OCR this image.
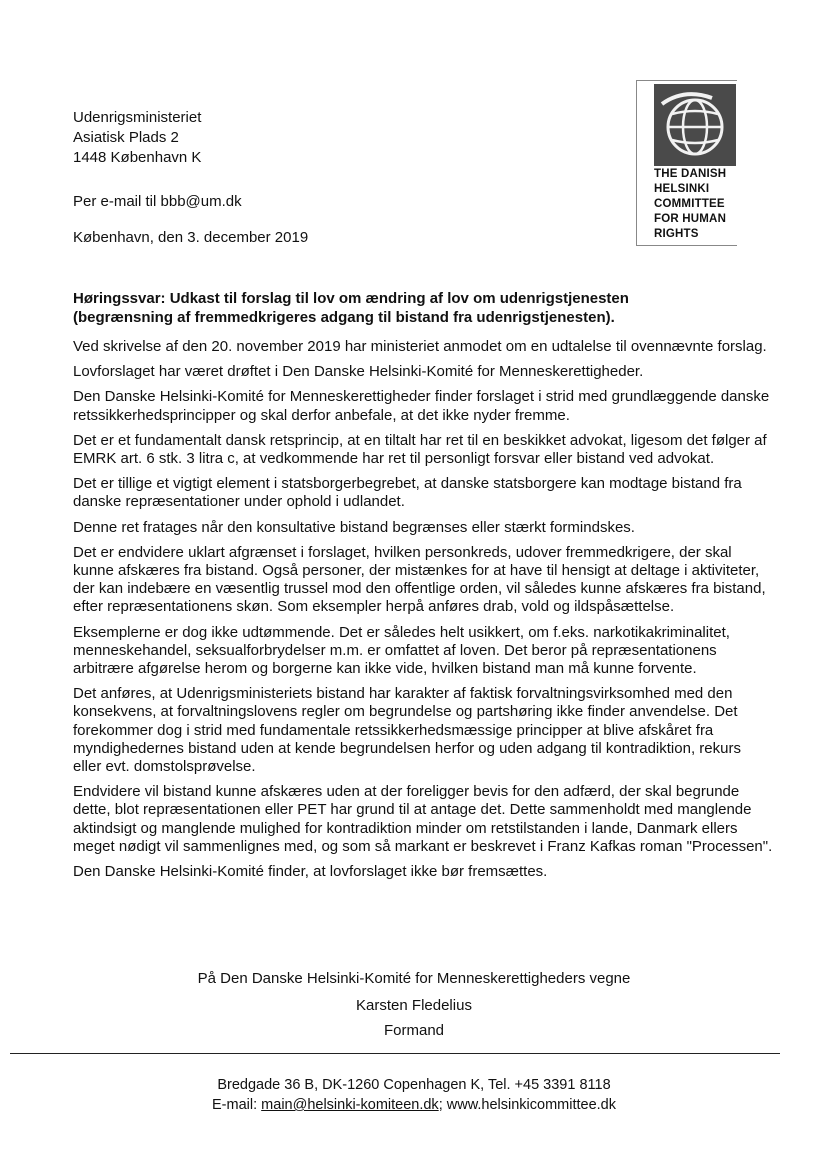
Udenrigsministeriet
Asiatisk Plads 2
1448 København K
Per e-mail til bbb@um.dk
København, den 3. december 2019
THE DANISH
HELSINKI
COMMITTEE
FOR HUMAN
RIGHTS
Høringssvar: Udkast til forslag til lov om ændring af lov om udenrigstjenesten
(begrænsning af fremmedkrigeres adgang til bistand fra udenrigstjenesten).

Ved skrivelse af den 20. november 2019 har ministeriet anmodet om en udtalelse til ovennævnte forslag.

Lovforslaget har været drøftet i Den Danske Helsinki-Komité for Menneskerettigheder.

Den Danske Helsinki-Komité for Menneskerettigheder finder forslaget i strid med grundlæggende danske retssikkerhedsprincipper og skal derfor anbefale, at det ikke nyder fremme.

Det er et fundamentalt dansk retsprincip, at en tiltalt har ret til en beskikket advokat, ligesom det følger af EMRK art. 6 stk. 3 litra c, at vedkommende har ret til personligt forsvar eller bistand ved advokat.

Det er tillige et vigtigt element i statsborgerbegrebet, at danske statsborgere kan modtage bistand fra danske repræsentationer under ophold i udlandet.

Denne ret fratages når den konsultative bistand begrænses eller stærkt formindskes.

Det er endvidere uklart afgrænset i forslaget, hvilken personkreds, udover fremmedkrigere, der skal kunne afskæres fra bistand. Også personer, der mistænkes for at have til hensigt at deltage i aktiviteter, der kan indebære en væsentlig trussel mod den offentlige orden, vil således kunne afskæres fra bistand, efter repræsentationens skøn. Som eksempler herpå anføres drab, vold og ildspåsættelse.

Eksemplerne er dog ikke udtømmende. Det er således helt usikkert, om f.eks. narkotikakriminalitet, menneskehandel, seksualforbrydelser m.m. er omfattet af loven. Det beror på repræsentationens arbitrære afgørelse herom og borgerne kan ikke vide, hvilken bistand man må kunne forvente.

Det anføres, at Udenrigsministeriets bistand har karakter af faktisk forvaltningsvirksomhed med den konsekvens, at forvaltningslovens regler om begrundelse og partshøring ikke finder anvendelse. Det forekommer dog i strid med fundamentale retssikkerhedsmæssige principper at blive afskåret fra myndighedernes bistand uden at kende begrundelsen herfor og uden adgang til kontradiktion, rekurs eller evt. domstolsprøvelse.

Endvidere vil bistand kunne afskæres uden at der foreligger bevis for den adfærd, der skal begrunde dette, blot repræsentationen eller PET har grund til at antage det. Dette sammenholdt med manglende aktindsigt og manglende mulighed for kontradiktion minder om retstilstanden i lande, Danmark ellers meget nødigt vil sammenlignes med, og som så markant er beskrevet i Franz Kafkas roman "Processen".

Den Danske Helsinki-Komité finder, at lovforslaget ikke bør fremsættes.

På Den Danske Helsinki-Komité for Menneskerettigheders vegne
Karsten Fledelius
Formand
Bredgade 36 B, DK-1260 Copenhagen K, Tel. +45 3391 8118
E-mail: main@helsinki-komiteen.dk; www.helsinkicommittee.dk
